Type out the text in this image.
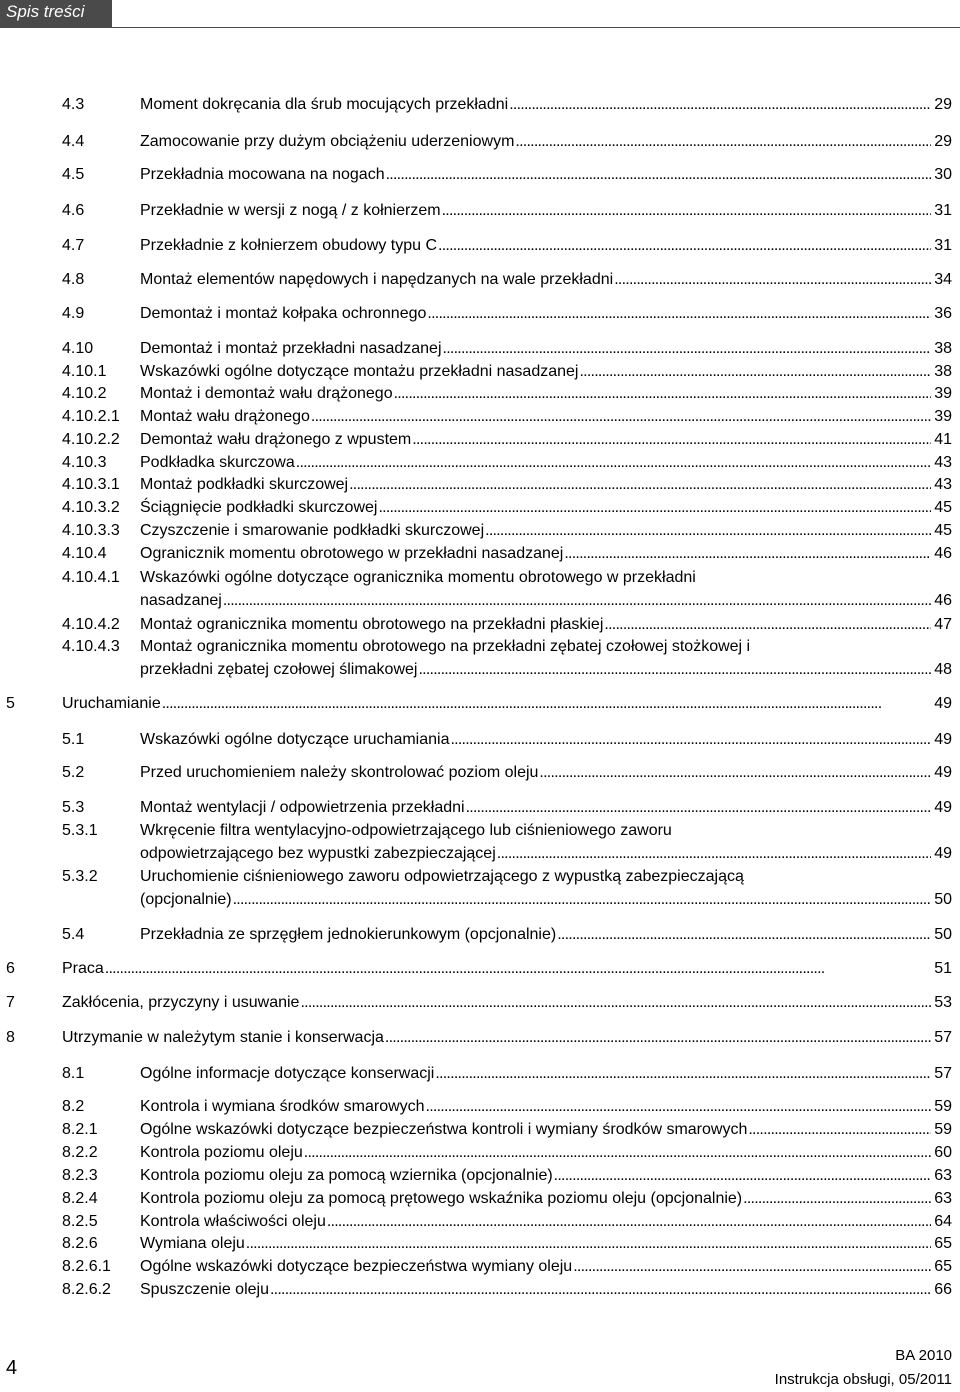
Spis treści
4.3	Moment dokręcania dla śrub mocujących przekładni . . .	29
4.4	Zamocowanie przy dużym obciążeniu uderzeniowym . . .	29
4.5	Przekładnia mocowana na nogach . . .	30
4.6	Przekładnie w wersji z nogą / z kołnierzem . . .	31
4.7	Przekładnie z kołnierzem obudowy typu C . . .	31
4.8	Montaż elementów napędowych i napędzanych na wale przekładni . . .	34
4.9	Demontaż i montaż kołpaka ochronnego . . .	36
4.10	Demontaż i montaż przekładni nasadzanej . . .	38
4.10.1 Wskazówki ogólne dotyczące montażu przekładni nasadzanej . . .	38
4.10.2 Montaż i demontaż wału drążonego . . .	39
4.10.2.1 Montaż wału drążonego . . .	39
4.10.2.2 Demontaż wału drążonego z wpustem . . .	41
4.10.3 Podkładka skurczowa . . .	43
4.10.3.1 Montaż podkładki skurczowej . . .	43
4.10.3.2 Ściągnięcie podkładki skurczowej . . .	45
4.10.3.3 Czyszczenie i smarowanie podkładki skurczowej . . .	45
4.10.4 Ogranicznik momentu obrotowego w przekładni nasadzanej . . .	46
4.10.4.1 Wskazówki ogólne dotyczące ogranicznika momentu obrotowego w przekładni
nasadzanej . . .	46
4.10.4.2 Montaż ogranicznika momentu obrotowego na przekładni płaskiej . . .	47
4.10.4.3 Montaż ogranicznika momentu obrotowego na przekładni zębatej czołowej stożkowej i
przekładni zębatej czołowej ślimakowej . . .	48
5	Uruchamianie . . .	49
5.1	Wskazówki ogólne dotyczące uruchamiania . . .	49
5.2	Przed uruchomieniem należy skontrolować poziom oleju . . .	49
5.3	Montaż wentylacji / odpowietrzenia przekładni . . .	49
5.3.1	Wkręcenie filtra wentylacyjno-odpowietrzającego lub ciśnieniowego zaworu
odpowietrzającego bez wypustki zabezpieczającej . . .	49
5.3.2	Uruchomienie ciśnieniowego zaworu odpowietrzającego z wypustką zabezpieczającą
(opcjonalnie) . . .	50
5.4	Przekładnia ze sprzęgłem jednokierunkowym (opcjonalnie) . . .	50
6	Praca . . .	51
7	Zakłócenia, przyczyny i usuwanie . . .	53
8	Utrzymanie w należytym stanie i konserwacja . . .	57
8.1	Ogólne informacje dotyczące konserwacji . . .	57
8.2	Kontrola i wymiana środków smarowych . . .	59
8.2.1	Ogólne wskazówki dotyczące bezpieczeństwa kontroli i wymiany środków smarowych . . .	59
8.2.2	Kontrola poziomu oleju . . .	60
8.2.3	Kontrola poziomu oleju za pomocą wziernika (opcjonalnie) . . .	63
8.2.4	Kontrola poziomu oleju za pomocą prętowego wskaźnika poziomu oleju (opcjonalnie) . . .	63
8.2.5	Kontrola właściwości oleju . . .	64
8.2.6	Wymiana oleju . . .	65
8.2.6.1 Ogólne wskazówki dotyczące bezpieczeństwa wymiany oleju . . .	65
8.2.6.2 Spuszczenie oleju . . .	66
4
BA 2010
Instrukcja obsługi, 05/2011
